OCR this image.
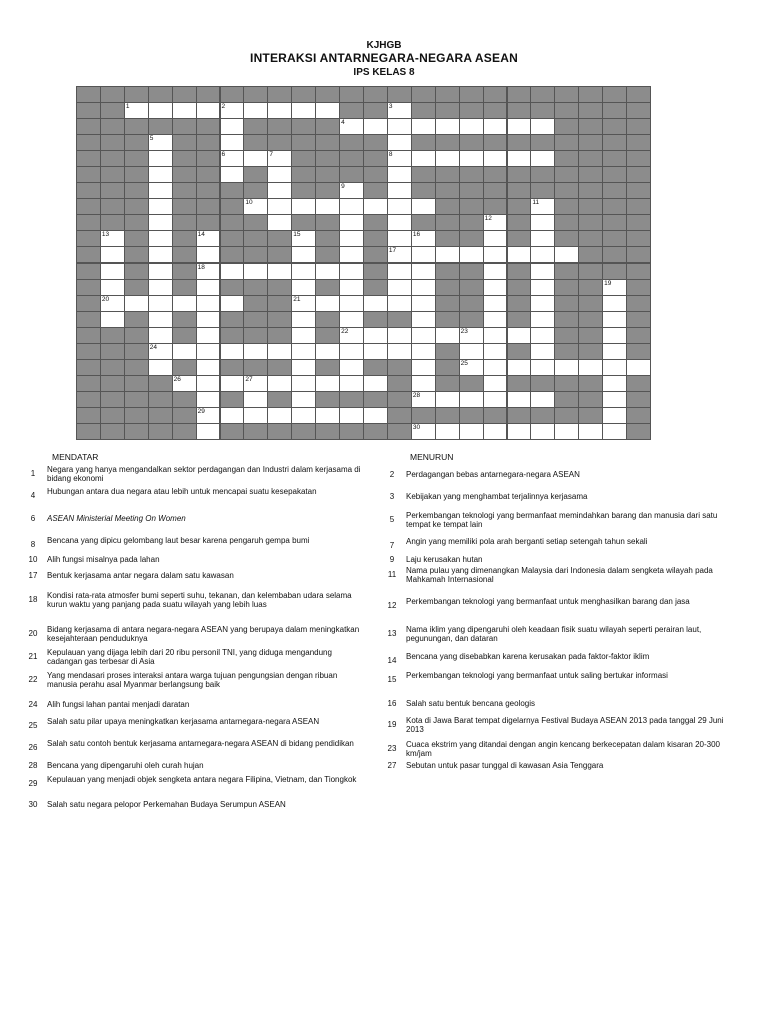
KJHGB
INTERAKSI ANTARNEGARA-NEGARA ASEAN
IPS KELAS 8
1	2	3
4
5
6	7	8
9
10	11
12
13	14	15	16
17
18
19
20	21
22	23
24
25
26	27
28
29
30
MENDATAR	MENURUN
1	Negara yang hanya mengandalkan sektor perdagangan dan Industri dalam kerjasama di bidang ekonomi
4	Hubungan antara dua negara atau lebih untuk mencapai suatu kesepakatan
6	ASEAN Ministerial Meeting On Women
8	Bencana yang dipicu gelombang laut besar karena pengaruh gempa bumi
10	Alih fungsi misalnya pada lahan
17	Bentuk kerjasama antar negara dalam satu kawasan
18	Kondisi rata-rata atmosfer bumi seperti suhu, tekanan, dan kelembaban udara selama kurun waktu yang panjang pada suatu wilayah yang lebih luas
20	Bidang kerjasama di antara negara-negara ASEAN yang berupaya dalam meningkatkan kesejahteraan penduduknya
21	Kepulauan yang dijaga lebih dari 20 ribu personil TNI, yang diduga mengandung cadangan gas terbesar di Asia
22	Yang mendasari proses interaksi antara warga tujuan pengungsian dengan ribuan manusia perahu asal Myanmar berlangsung baik
24	Alih fungsi lahan pantai menjadi daratan
25	Salah satu pilar upaya meningkatkan kerjasama antarnegara-negara ASEAN
26	Salah satu contoh bentuk kerjasama antarnegara-negara ASEAN di bidang pendidikan
28	Bencana yang dipengaruhi oleh curah hujan
29	Kepulauan yang menjadi objek sengketa antara negara Filipina, Vietnam, dan Tiongkok
30	Salah satu negara pelopor Perkemahan Budaya Serumpun ASEAN
2	Perdagangan bebas antarnegara-negara ASEAN
3	Kebijakan yang menghambat terjalinnya kerjasama
5	Perkembangan teknologi yang bermanfaat memindahkan barang dan manusia dari satu tempat ke tempat lain
7	Angin yang memiliki pola arah berganti setiap setengah tahun sekali
9	Laju kerusakan hutan
11	Nama pulau yang dimenangkan Malaysia dari Indonesia dalam sengketa wilayah pada Mahkamah Internasional
12	Perkembangan teknologi yang bermanfaat untuk menghasilkan barang dan jasa
13	Nama iklim yang dipengaruhi oleh keadaan fisik suatu wilayah seperti perairan laut, pegunungan, dan dataran
14	Bencana yang disebabkan karena kerusakan pada faktor-faktor iklim
15	Perkembangan teknologi yang bermanfaat untuk saling bertukar informasi
16	Salah satu bentuk bencana geologis
19	Kota di Jawa Barat tempat digelarnya Festival Budaya ASEAN 2013 pada tanggal 29 Juni 2013
23	Cuaca ekstrim yang ditandai dengan angin kencang berkecepatan dalam kisaran 20-300 km/jam
27	Sebutan untuk pasar tunggal di kawasan Asia Tenggara
